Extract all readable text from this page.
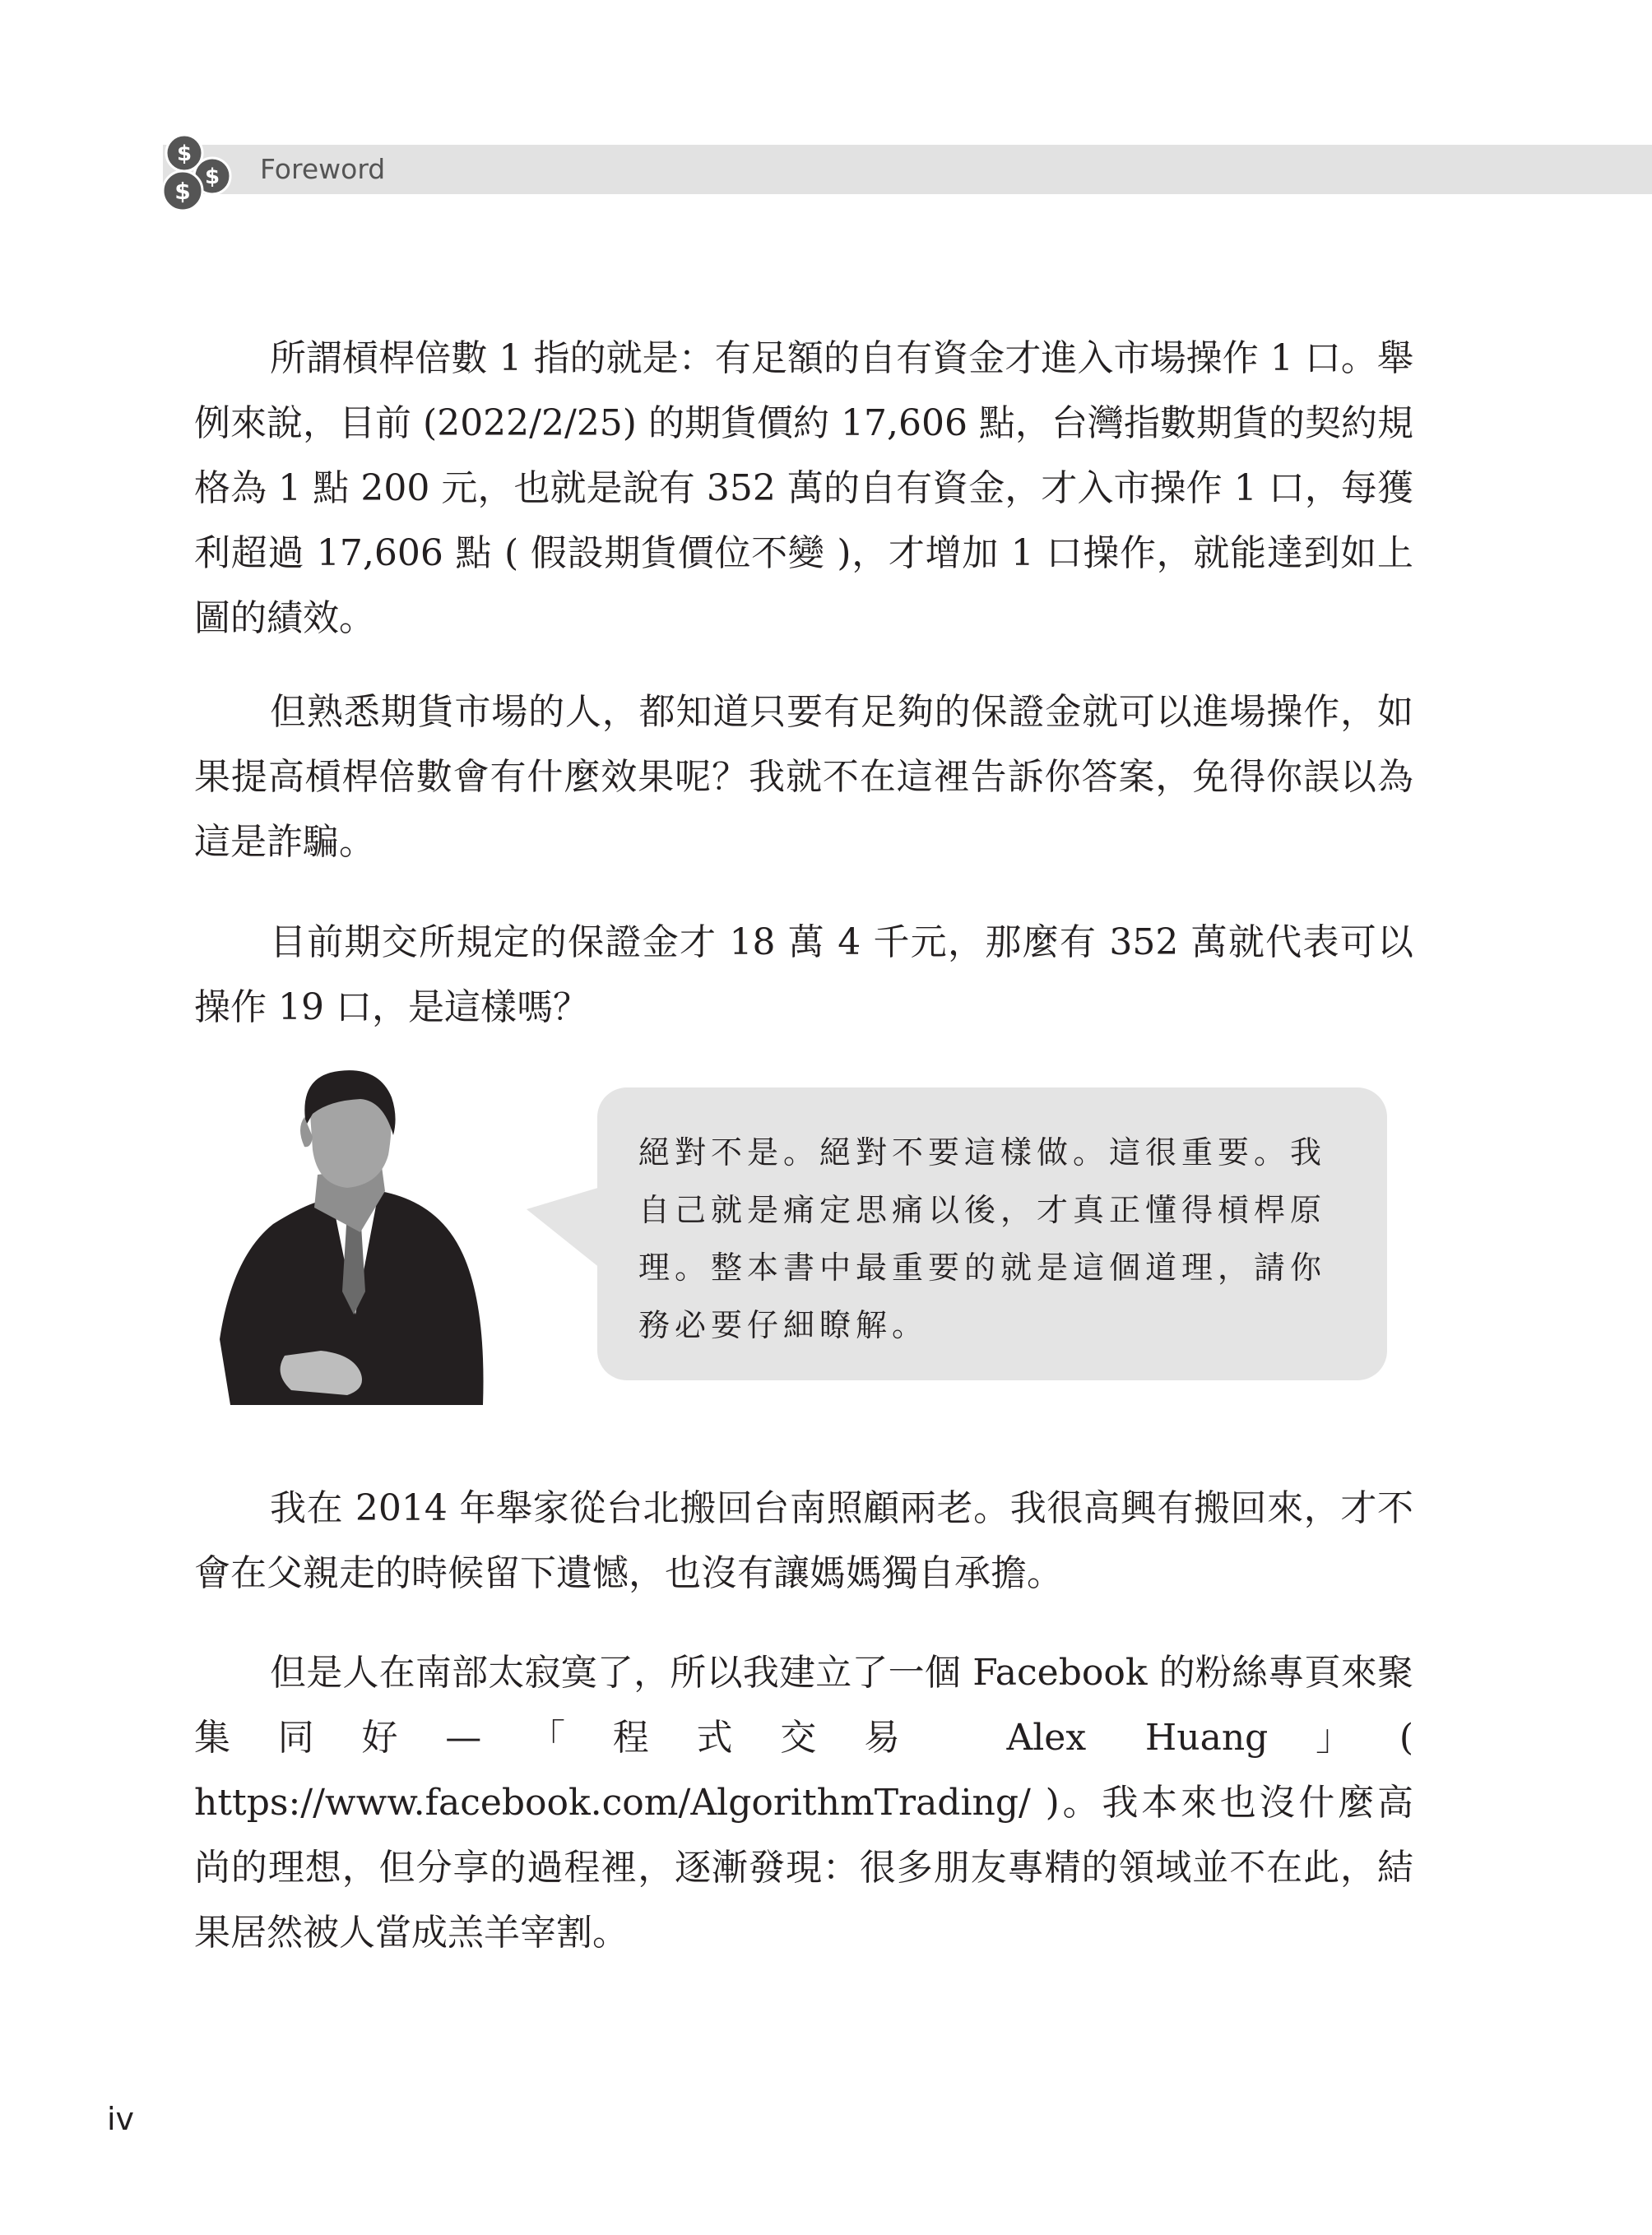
$
$
$
Foreword

所謂槓桿倍數 1 指的就是：有足額的自有資金才進入市場操作 1 口。舉例來說，目前 (2022/2/25) 的期貨價約 17,606 點，台灣指數期貨的契約規格為 1 點 200 元，也就是說有 352 萬的自有資金，才入市操作 1 口，每獲利超過 17,606 點 ( 假設期貨價位不變 )，才增加 1 口操作，就能達到如上圖的績效。

但熟悉期貨市場的人，都知道只要有足夠的保證金就可以進場操作，如果提高槓桿倍數會有什麼效果呢？我就不在這裡告訴你答案，免得你誤以為這是詐騙。

目前期交所規定的保證金才 18 萬 4 千元，那麼有 352 萬就代表可以操作 19 口，是這樣嗎？

絕對不是。絕對不要這樣做。這很重要。我自己就是痛定思痛以後，才真正懂得槓桿原理。整本書中最重要的就是這個道理，請你務必要仔細瞭解。

我在 2014 年舉家從台北搬回台南照顧兩老。我很高興有搬回來，才不會在父親走的時候留下遺憾，也沒有讓媽媽獨自承擔。

但是人在南部太寂寞了，所以我建立了一個 Facebook 的粉絲專頁來聚集同好—「程式交易 Alex Huang」( https://www.facebook.com/AlgorithmTrading/ )。我本來也沒什麼高尚的理想，但分享的過程裡，逐漸發現：很多朋友專精的領域並不在此，結果居然被人當成羔羊宰割。

iv
